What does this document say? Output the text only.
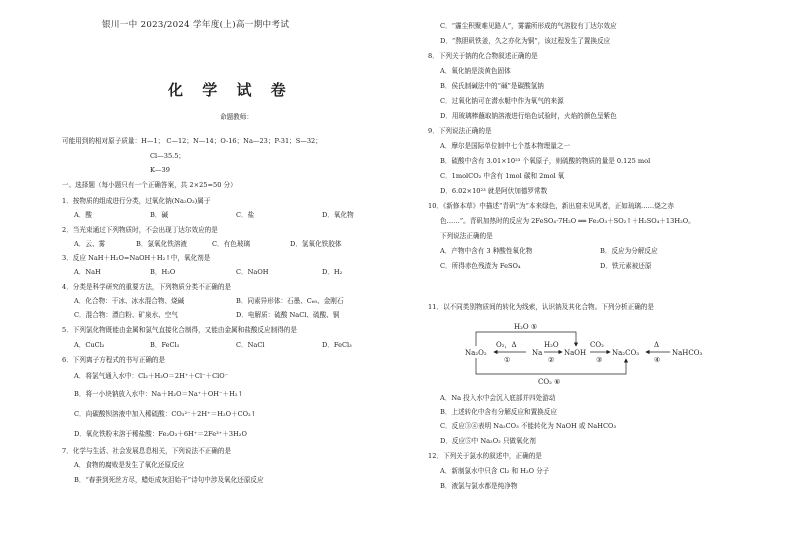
银川一中 2023/2024 学年度(上)高一期中考试
化 学 试 卷
命题教师：
可能用到的相对原子质量：H—1； C—12；N—14；O-16；Na—23；P-31；S—32；
Cl—35.5；
K—39
一、选择题（每小题只有一个正确答案，共 2×25=50 分）
1．按物质的组成进行分类，过氧化钠(Na₂O₂)属于
A．酸	B．碱	C．盐	D．氧化物
2．当光束通过下列物质时，不会出现丁达尔效应的是
A．云、雾	B．氯氧化铁溶液	C．有色玻璃	D．氢氧化铁胶体
3．反应 NaH＋H₂O=NaOH＋H₂↑中，氧化剂是
A．NaH	B．H₂O	C．NaOH	D．H₂
4．分类是科学研究的重要方法，下列物质分类不正确的是
A．化合物：干冰、冰水混合物、烧碱	B．同素异形体：石墨、C₆₀、金刚石
C．混合物：漂白粉、矿泉水、空气	D．电解质：硫酸 NaCl、硫酸、铜
5．下列氯化物既能由金属和氯气直接化合制得，又能由金属和盐酸反应制得的是
A．CuCl₂	B．FeCl₂	C．NaCl	D．FeCl₃
6．下列离子方程式的书写正确的是
A．将氯气通入水中：Cl₂＋H₂O＝2H⁺＋Cl⁻＋ClO⁻
B．将一小块钠放入水中：Na＋H₂O＝Na⁺＋OH⁻＋H₂↑
C．向碳酸钡溶液中加入稀硫酸：CO₃²⁻＋2H⁺＝H₂O＋CO₂↑
D．氧化铁粉末溶于稀盐酸：Fe₂O₃＋6H⁺＝2Fe³⁺＋3H₂O
7．化学与生活、社会发展息息相关，下列说法不正确的是
A．食物的腐败是发生了氧化还原反应
B．“春蚕到死丝方尽，蜡炬成灰泪始干”诗句中涉及氧化还原反应
C．“霾尘积聚难见路人”，雾霾所形成的气溶胶有丁达尔效应
D．“熬胆矾铁釜，久之亦化为铜”，该过程发生了置换反应
8．下列关于钠的化合物叙述正确的是
A．氧化钠是淡黄色固体
B．侯氏制碱法中的“碱”是碳酸氢钠
C．过氧化钠可在潜水艇中作为氧气的来源
D．用玻璃棒蘸取钠溶液进行焰色试验时，火焰的颜色呈紫色
9．下列说法正确的是
A．摩尔是国际单位制中七个基本物理量之一
B．硫酸中含有 3.01×10²³ 个氧原子，则硫酸的物质的量是 0.125 mol
C．1molCO₂ 中含有 1mol 碳和 2mol 氧
D．6.02×10²³ 就是阿伏加德罗常数
10．《新修本草》中描述“青矾”为“本来绿色，新出窟未见风者，正如琉璃……烧之赤
色……”。青矾加热时的反应为 2FeSO₄·7H₂O ══ Fe₂O₃＋SO₂↑＋H₂SO₄＋13H₂O。
下列说法正确的是
A．产物中含有 3 种酸性氧化物	B．反应为分解反应
C．所得赤色残渣为 FeSO₄	D．铁元素被还原
11．以不同类别物质间的转化为线索，认识钠及其化合物。下列分析正确的是
Na₂O₂	Na	NaOH	Na₂CO₃	NaHCO₃
O₂，Δ
①
H₂O
②
CO₂
③
Δ
④
H₂O ⑤
CO₂ ⑥
A．Na 投入水中会沉入底部并四处游动
B．上述转化中含有分解反应和置换反应
C．反应③④表明 Na₂CO₃ 不能转化为 NaOH 或 NaHCO₃
D．反应⑤中 Na₂O₂ 只做氧化剂
12．下列关于氯水的叙述中，正确的是
A．新制氯水中只含 Cl₂ 和 H₂O 分子
B．液氯与氯水都是纯净物
